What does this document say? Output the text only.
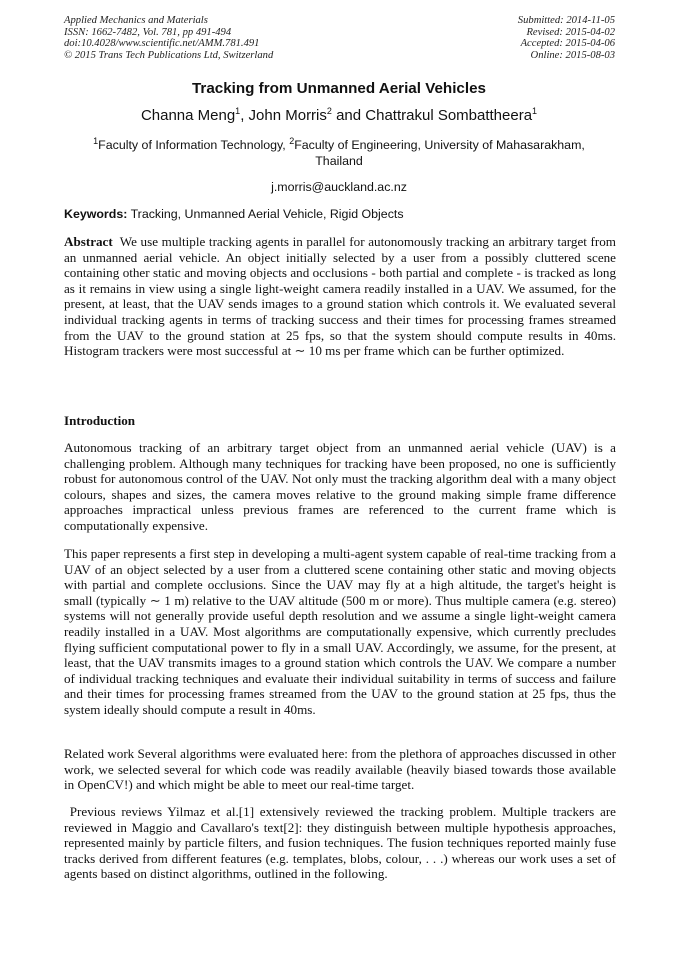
Applied Mechanics and Materials
ISSN: 1662-7482, Vol. 781, pp 491-494
doi:10.4028/www.scientific.net/AMM.781.491
© 2015 Trans Tech Publications Ltd, Switzerland
Submitted: 2014-11-05
Revised: 2015-04-02
Accepted: 2015-04-06
Online: 2015-08-03
Tracking from Unmanned Aerial Vehicles
Channa Meng$^1$, John Morris$^2$ and Chattrakul Sombattheera$^1$
$^1$Faculty of Information Technology, $^2$Faculty of Engineering, University of Mahasarakham, Thailand
j.morris@auckland.ac.nz
Keywords: Tracking, Unmanned Aerial Vehicle, Rigid Objects
Abstract  We use multiple tracking agents in parallel for autonomously tracking an arbitrary target from an unmanned aerial vehicle. An object initially selected by a user from a possibly cluttered scene containing other static and moving objects and occlusions - both partial and complete - is tracked as long as it remains in view using a single light-weight camera readily installed in a UAV. We assumed, for the present, at least, that the UAV sends images to a ground station which controls it. We evaluated several individual tracking agents in terms of tracking success and their times for processing frames streamed from the UAV to the ground station at 25 fps, so that the system should compute results in 40ms. Histogram trackers were most successful at ∼ 10 ms per frame which can be further optimized.
Introduction

Autonomous tracking of an arbitrary target object from an unmanned aerial vehicle (UAV) is a challenging problem. Although many techniques for tracking have been proposed, no one is sufficiently robust for autonomous control of the UAV. Not only must the tracking algorithm deal with a many object colours, shapes and sizes, the camera moves relative to the ground making simple frame difference approaches impractical unless previous frames are referenced to the current frame which is computationally expensive.

This paper represents a first step in developing a multi-agent system capable of real-time tracking from a UAV of an object selected by a user from a cluttered scene containing other static and moving objects with partial and complete occlusions. Since the UAV may fly at a high altitude, the target's height is small (typically ∼ 1 m) relative to the UAV altitude (500 m or more). Thus multiple camera (e.g. stereo) systems will not generally provide useful depth resolution and we assume a single light-weight camera readily installed in a UAV. Most algorithms are computationally expensive, which currently precludes flying sufficient computational power to fly in a small UAV. Accordingly, we assume, for the present, at least, that the UAV transmits images to a ground station which controls the UAV. We compare a number of individual tracking techniques and evaluate their individual suitability in terms of success and failure and their times for processing frames streamed from the UAV to the ground station at 25 fps, thus the system ideally should compute a result in 40ms.

Related work Several algorithms were evaluated here: from the plethora of approaches discussed in other work, we selected several for which code was readily available (heavily biased towards those available in OpenCV!) and which might be able to meet our real-time target.

Previous reviews Yilmaz et al.[1] extensively reviewed the tracking problem. Multiple trackers are reviewed in Maggio and Cavallaro's text[2]: they distinguish between multiple hypothesis approaches, represented mainly by particle filters, and fusion techniques. The fusion techniques reported mainly fuse tracks derived from different features (e.g. templates, blobs, colour, . . .) whereas our work uses a set of agents based on distinct algorithms, outlined in the following.
